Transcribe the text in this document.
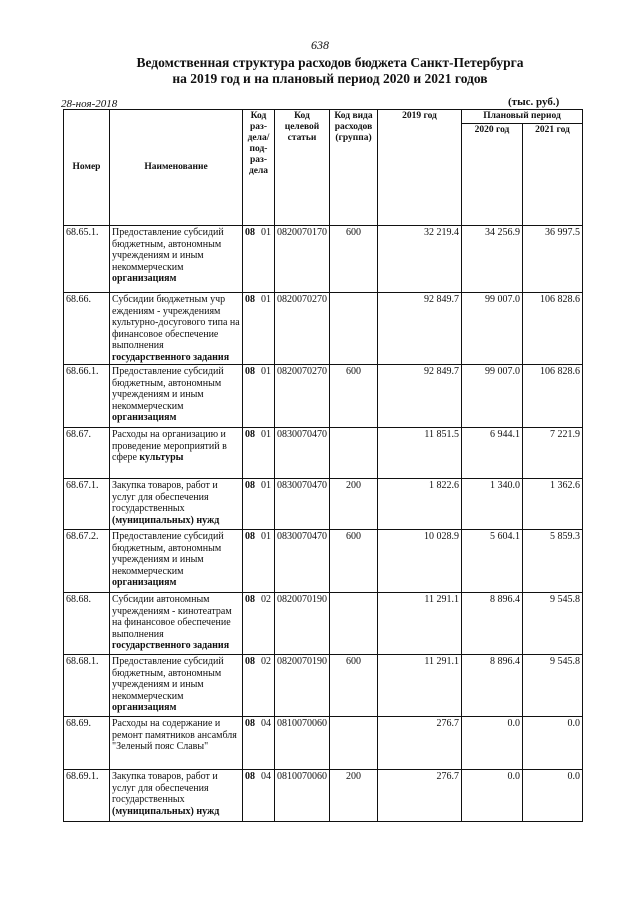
638
Ведомственная структура расходов бюджета Санкт-Петербурга
на 2019 год и на плановый период 2020 и 2021 годов
28-ноя-2018	(тыс. руб.)
Номер	Наименование	Код раз-дела/под-раз-дела	Код целевой статьи	Код вида расходов (группа)	2019 год	Плановый период	
						2020 год	2021 год
68.65.1.	Предоставление субсидий бюджетным, автономным учреждениям и иным некоммерческим организациям	08 01	0820070170	600	32 219.4	34 256.9	36 997.5
68.66.	Субсидии бюджетным учр еждениям - учреждениям культурно-досугового типа на финансовое обеспечение выполнения государственного задания	08 01	0820070270		92 849.7	99 007.0	106 828.6
68.66.1.	Предоставление субсидий бюджетным, автономным учреждениям и иным некоммерческим организациям	08 01	0820070270	600	92 849.7	99 007.0	106 828.6
68.67.	Расходы на организацию и проведение мероприятий в сфере культуры	08 01	0830070470		11 851.5	6 944.1	7 221.9
68.67.1.	Закупка товаров, работ и услуг для обеспечения государственных (муниципальных) нужд	08 01	0830070470	200	1 822.6	1 340.0	1 362.6
68.67.2.	Предоставление субсидий бюджетным, автономным учреждениям и иным некоммерческим организациям	08 01	0830070470	600	10 028.9	5 604.1	5 859.3
68.68.	Субсидии автономным учреждениям - кинотеатрам на финансовое обеспечение выполнения государственного задания	08 02	0820070190		11 291.1	8 896.4	9 545.8
68.68.1.	Предоставление субсидий бюджетным, автономным учреждениям и иным некоммерческим организациям	08 02	0820070190	600	11 291.1	8 896.4	9 545.8
68.69.	Расходы на содержание и ремонт памятников ансамбля "Зеленый пояс Славы"	08 04	0810070060		276.7	0.0	0.0
68.69.1.	Закупка товаров, работ и услуг для обеспечения государственных (муниципальных) нужд	08 04	0810070060	200	276.7	0.0	0.0
